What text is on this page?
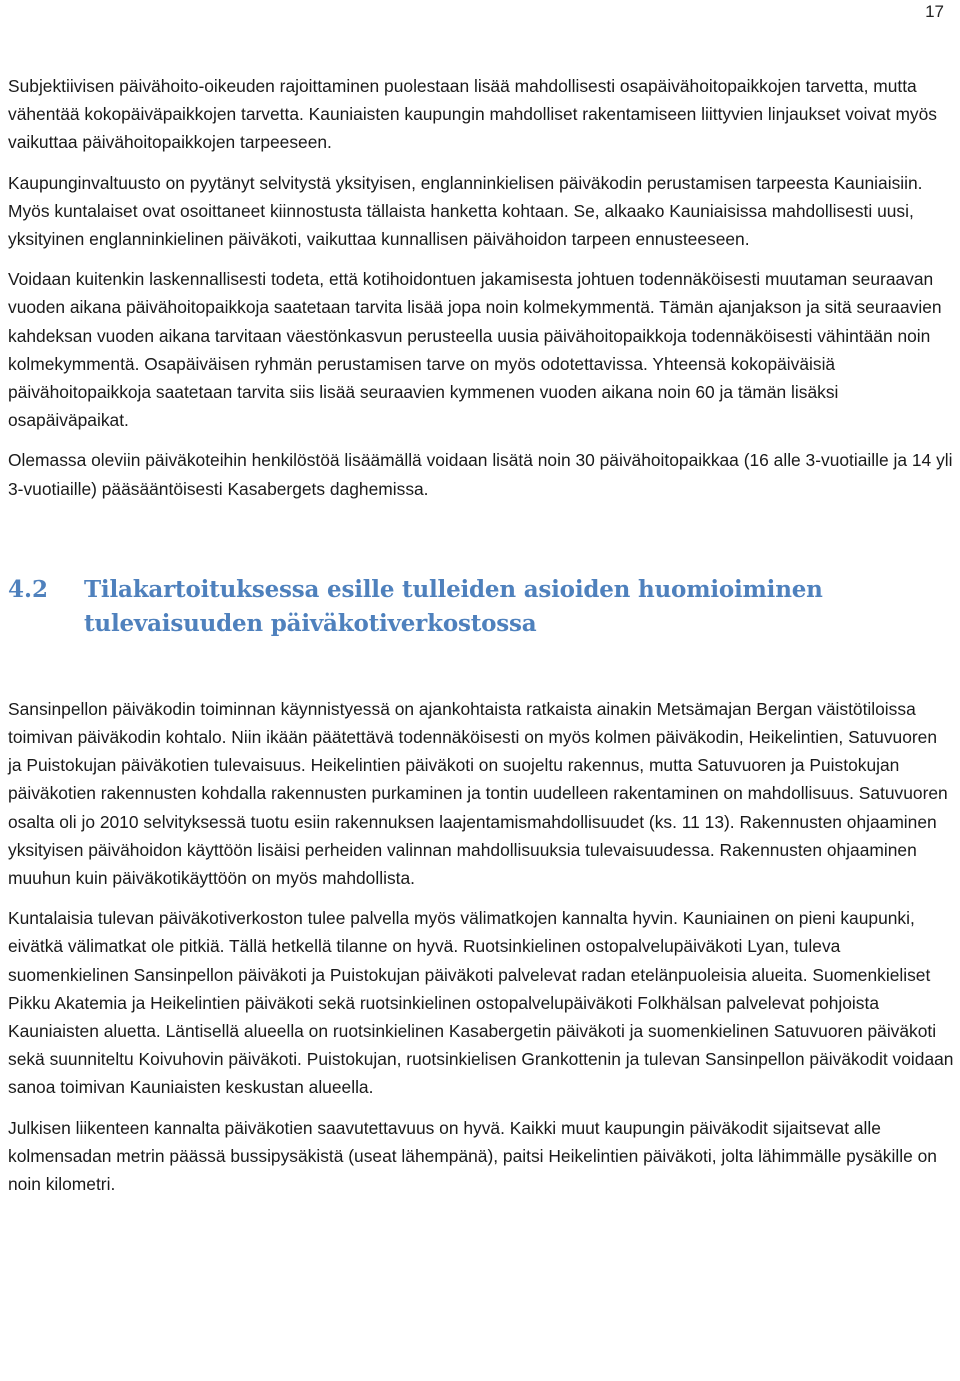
17

Subjektiivisen päivähoito-oikeuden rajoittaminen puolestaan lisää mahdollisesti osapäivähoitopaikkojen tarvetta, mutta vähentää kokopäiväpaikkojen tarvetta. Kauniaisten kaupungin mahdolliset rakentamiseen liittyvien linjaukset voivat myös vaikuttaa päivähoitopaikkojen tarpeeseen.

Kaupunginvaltuusto on pyytänyt selvitystä yksityisen, englanninkielisen päiväkodin perustamisen tarpeesta Kauniaisiin. Myös kuntalaiset ovat osoittaneet kiinnostusta tällaista hanketta kohtaan. Se, alkaako Kauniaisissa mahdollisesti uusi, yksityinen englanninkielinen päiväkoti, vaikuttaa kunnallisen päivähoidon tarpeen ennusteeseen.

Voidaan kuitenkin laskennallisesti todeta, että kotihoidontuen jakamisesta johtuen todennäköisesti muutaman seuraavan vuoden aikana päivähoitopaikkoja saatetaan tarvita lisää jopa noin kolmekymmentä. Tämän ajanjakson ja sitä seuraavien kahdeksan vuoden aikana tarvitaan väestönkasvun perusteella uusia päivähoitopaikkoja todennäköisesti vähintään noin kolmekymmentä. Osapäiväisen ryhmän perustamisen tarve on myös odotettavissa. Yhteensä kokopäiväisiä päivähoitopaikkoja saatetaan tarvita siis lisää seuraavien kymmenen vuoden aikana noin 60 ja tämän lisäksi osapäiväpaikat.

Olemassa oleviin päiväkoteihin henkilöstöä lisäämällä voidaan lisätä noin 30 päivähoitopaikkaa (16 alle 3-vuotiaille ja 14 yli 3-vuotiaille) pääsääntöisesti Kasabergets daghemissa.

4.2	Tilakartoituksessa esille tulleiden asioiden huomioiminen tulevaisuuden päiväkotiverkostossa

Sansinpellon päiväkodin toiminnan käynnistyessä on ajankohtaista ratkaista ainakin Metsämajan Bergan väistötiloissa toimivan päiväkodin kohtalo. Niin ikään päätettävä todennäköisesti on myös kolmen päiväkodin, Heikelintien, Satuvuoren ja Puistokujan päiväkotien tulevaisuus. Heikelintien päiväkoti on suojeltu rakennus, mutta Satuvuoren ja Puistokujan päiväkotien rakennusten kohdalla rakennusten purkaminen ja tontin uudelleen rakentaminen on mahdollisuus. Satuvuoren osalta oli jo 2010 selvityksessä tuotu esiin rakennuksen laajentamismahdollisuudet (ks. 11 13). Rakennusten ohjaaminen yksityisen päivähoidon käyttöön lisäisi perheiden valinnan mahdollisuuksia tulevaisuudessa. Rakennusten ohjaaminen muuhun kuin päiväkotikäyttöön on myös mahdollista.

Kuntalaisia tulevan päiväkotiverkoston tulee palvella myös välimatkojen kannalta hyvin. Kauniainen on pieni kaupunki, eivätkä välimatkat ole pitkiä. Tällä hetkellä tilanne on hyvä. Ruotsinkielinen ostopalvelupäiväkoti Lyan, tuleva suomenkielinen Sansinpellon päiväkoti ja Puistokujan päiväkoti palvelevat radan etelänpuoleisia alueita. Suomenkieliset Pikku Akatemia ja Heikelintien päiväkoti sekä ruotsinkielinen ostopalvelupäiväkoti Folkhälsan palvelevat pohjoista Kauniaisten aluetta. Läntisellä alueella on ruotsinkielinen Kasabergetin päiväkoti ja suomenkielinen Satuvuoren päiväkoti sekä suunniteltu Koivuhovin päiväkoti. Puistokujan, ruotsinkielisen Grankottenin ja tulevan Sansinpellon päiväkodit voidaan sanoa toimivan Kauniaisten keskustan alueella.

Julkisen liikenteen kannalta päiväkotien saavutettavuus on hyvä. Kaikki muut kaupungin päiväkodit sijaitsevat alle kolmensadan metrin päässä bussipysäkistä (useat lähempänä), paitsi Heikelintien päiväkoti, jolta lähimmälle pysäkille on noin kilometri.
